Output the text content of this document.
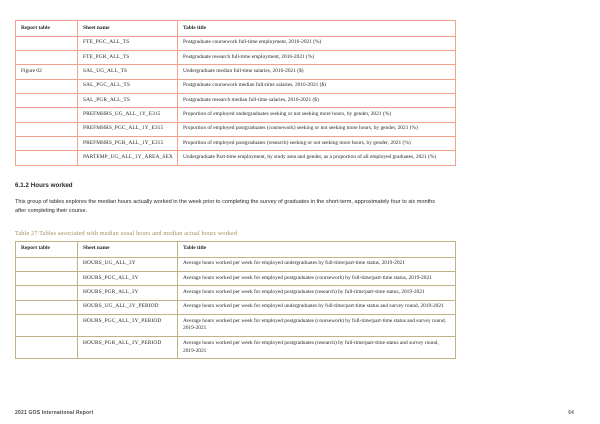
Report table	Sheet name	Table title
	FTE_PGC_ALL_TS	Postgraduate coursework full-time employment, 2016-2021 (%)
	FTE_PGR_ALL_TS	Postgraduate research full-time employment, 2016-2021 (%)
Figure 02	SAL_UG_ALL_TS	Undergraduate median full-time salaries, 2016-2021 ($)
	SAL_PGC_ALL_TS	Postgraduate coursework median full-time salaries, 2016-2021 ($)
	SAL_PGR_ALL_TS	Postgraduate research median full-time salaries, 2016-2021 ($)
	PREFMHRS_UG_ALL_1Y_E315	Proportion of employed undergraduates seeking or not seeking more hours, by gender, 2021 (%)
	PREFMHRS_PGC_ALL_1Y_E315	Proportion of employed postgraduates (coursework) seeking or not seeking more hours, by gender, 2021 (%)
	PREFMHRS_PGR_ALL_1Y_E315	Proportion of employed postgraduates (research) seeking or not seeking more hours, by gender, 2021 (%)
	PARTEMP_UG_ALL_1Y_AREA_SEX	Undergraduate Part-time employment, by study area and gender, as a proportion of all employed graduates, 2021 (%)
6.1.2 Hours worked

This group of tables explores the median hours actually worked in the week prior to completing the survey of graduates in the short-term, approximately four to six months after completing their course.

Table 27 Tables associated with median usual hours and median actual hours worked
Report table	Sheet name	Table title
	HOURS_UG_ALL_3Y	Average hours worked per week for employed undergraduates by full-time/part-time status, 2019-2021
	HOURS_PGC_ALL_3Y	Average hours worked per week for employed postgraduates (coursework) by full-time/part-time status, 2019-2021
	HOURS_PGR_ALL_3Y	Average hours worked per week for employed postgraduates (research) by full-time/part-time status, 2019-2021
	HOURS_UG_ALL_3Y_PERIOD	Average hours worked per week for employed undergraduates by full-time/part-time status and survey round, 2019-2021
	HOURS_PGC_ALL_3Y_PERIOD	Average hours worked per week for employed postgraduates (coursework) by full-time/part-time status and survey round, 2019-2021
	HOURS_PGR_ALL_3Y_PERIOD	Average hours worked per week for employed postgraduates (research) by full-time/part-time status and survey round, 2019-2021
2021 GOS International Report	64
